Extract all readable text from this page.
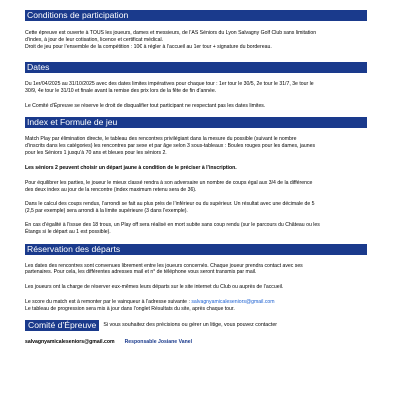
Conditions de participation

Cette épreuve est ouverte à TOUS les joueurs, dames et messieurs, de l’AS Séniors du Lyon Salvagny Golf Club sans limitation

d’index, à jour de leur cotisation, licence et certificat médical.

Droit de jeu pour l’ensemble de la compétition : 10€ à régler à l’accueil au 1er tour + signature du bordereau.

Dates

Du 1er/04/2025 au 31/10/2025 avec des dates limites impératives pour chaque tour : 1er tour le 30/5, 2e tour le 31/7, 3e tour le

30/9, 4e tour le 31/10 et finale avant la remise des prix lors de la fête de fin d’année.

Le Comité d’Épreuve se réserve le droit de disqualifier tout participant ne respectant pas les dates limites.

Index et Formule de jeu

Match Play par élimination directe, le tableau des rencontres privilégiant dans la mesure du possible (suivant le nombre

d’inscrits dans les catégories) les rencontres par sexe et par âge selon 3 sous-tableaux : Boules rouges pour les dames, jaunes

pour les Séniors 1 jusqu’à 70 ans et bleues pour les séniors 2.

Les séniors 2 peuvent choisir un départ jaune à condition de le préciser à l’inscription.

Pour équilibrer les parties, le joueur le mieux classé rendra à son adversaire un nombre de coups égal aux 3/4 de la différence

des deux index au jour de la rencontre (index maximum retenu sera de 36).

Dans le calcul des coups rendus, l’arrondi se fait au plus près de l’inférieur ou du supérieur. Un résultat avec une décimale de 5

(2,5 par exemple) sera arrondi à la limite supérieure (3 dans l’exemple).

En cas d’égalité à l’issue des 18 trous, un Play off sera réalisé en mort subite sans coup rendu (sur le parcours du Château ou les

Étangs si le départ au 1 est possible).

Réservation des départs

Les dates des rencontres sont convenues librement entre les joueurs concernés. Chaque joueur prendra contact avec ses

partenaires. Pour cela, les différentes adresses mail et n° de téléphone vous seront transmis par mail.

Les joueurs ont la charge de réserver eux-mêmes leurs départs sur le site internet du Club ou auprès de l’accueil.

Le score du match est à remonter par le vainqueur à l’adresse suivante : salvagnyamicaleseniors@gmail.com

Le tableau de progression sera mis à jour dans l’onglet Résultats du site, après chaque tour.

Comité d’Épreuve	Si vous souhaitez des précisions ou gérer un litige, vous pouvez contacter

salvagnyamicaleseniors@gmail.com Responsable Josiane Vanel
